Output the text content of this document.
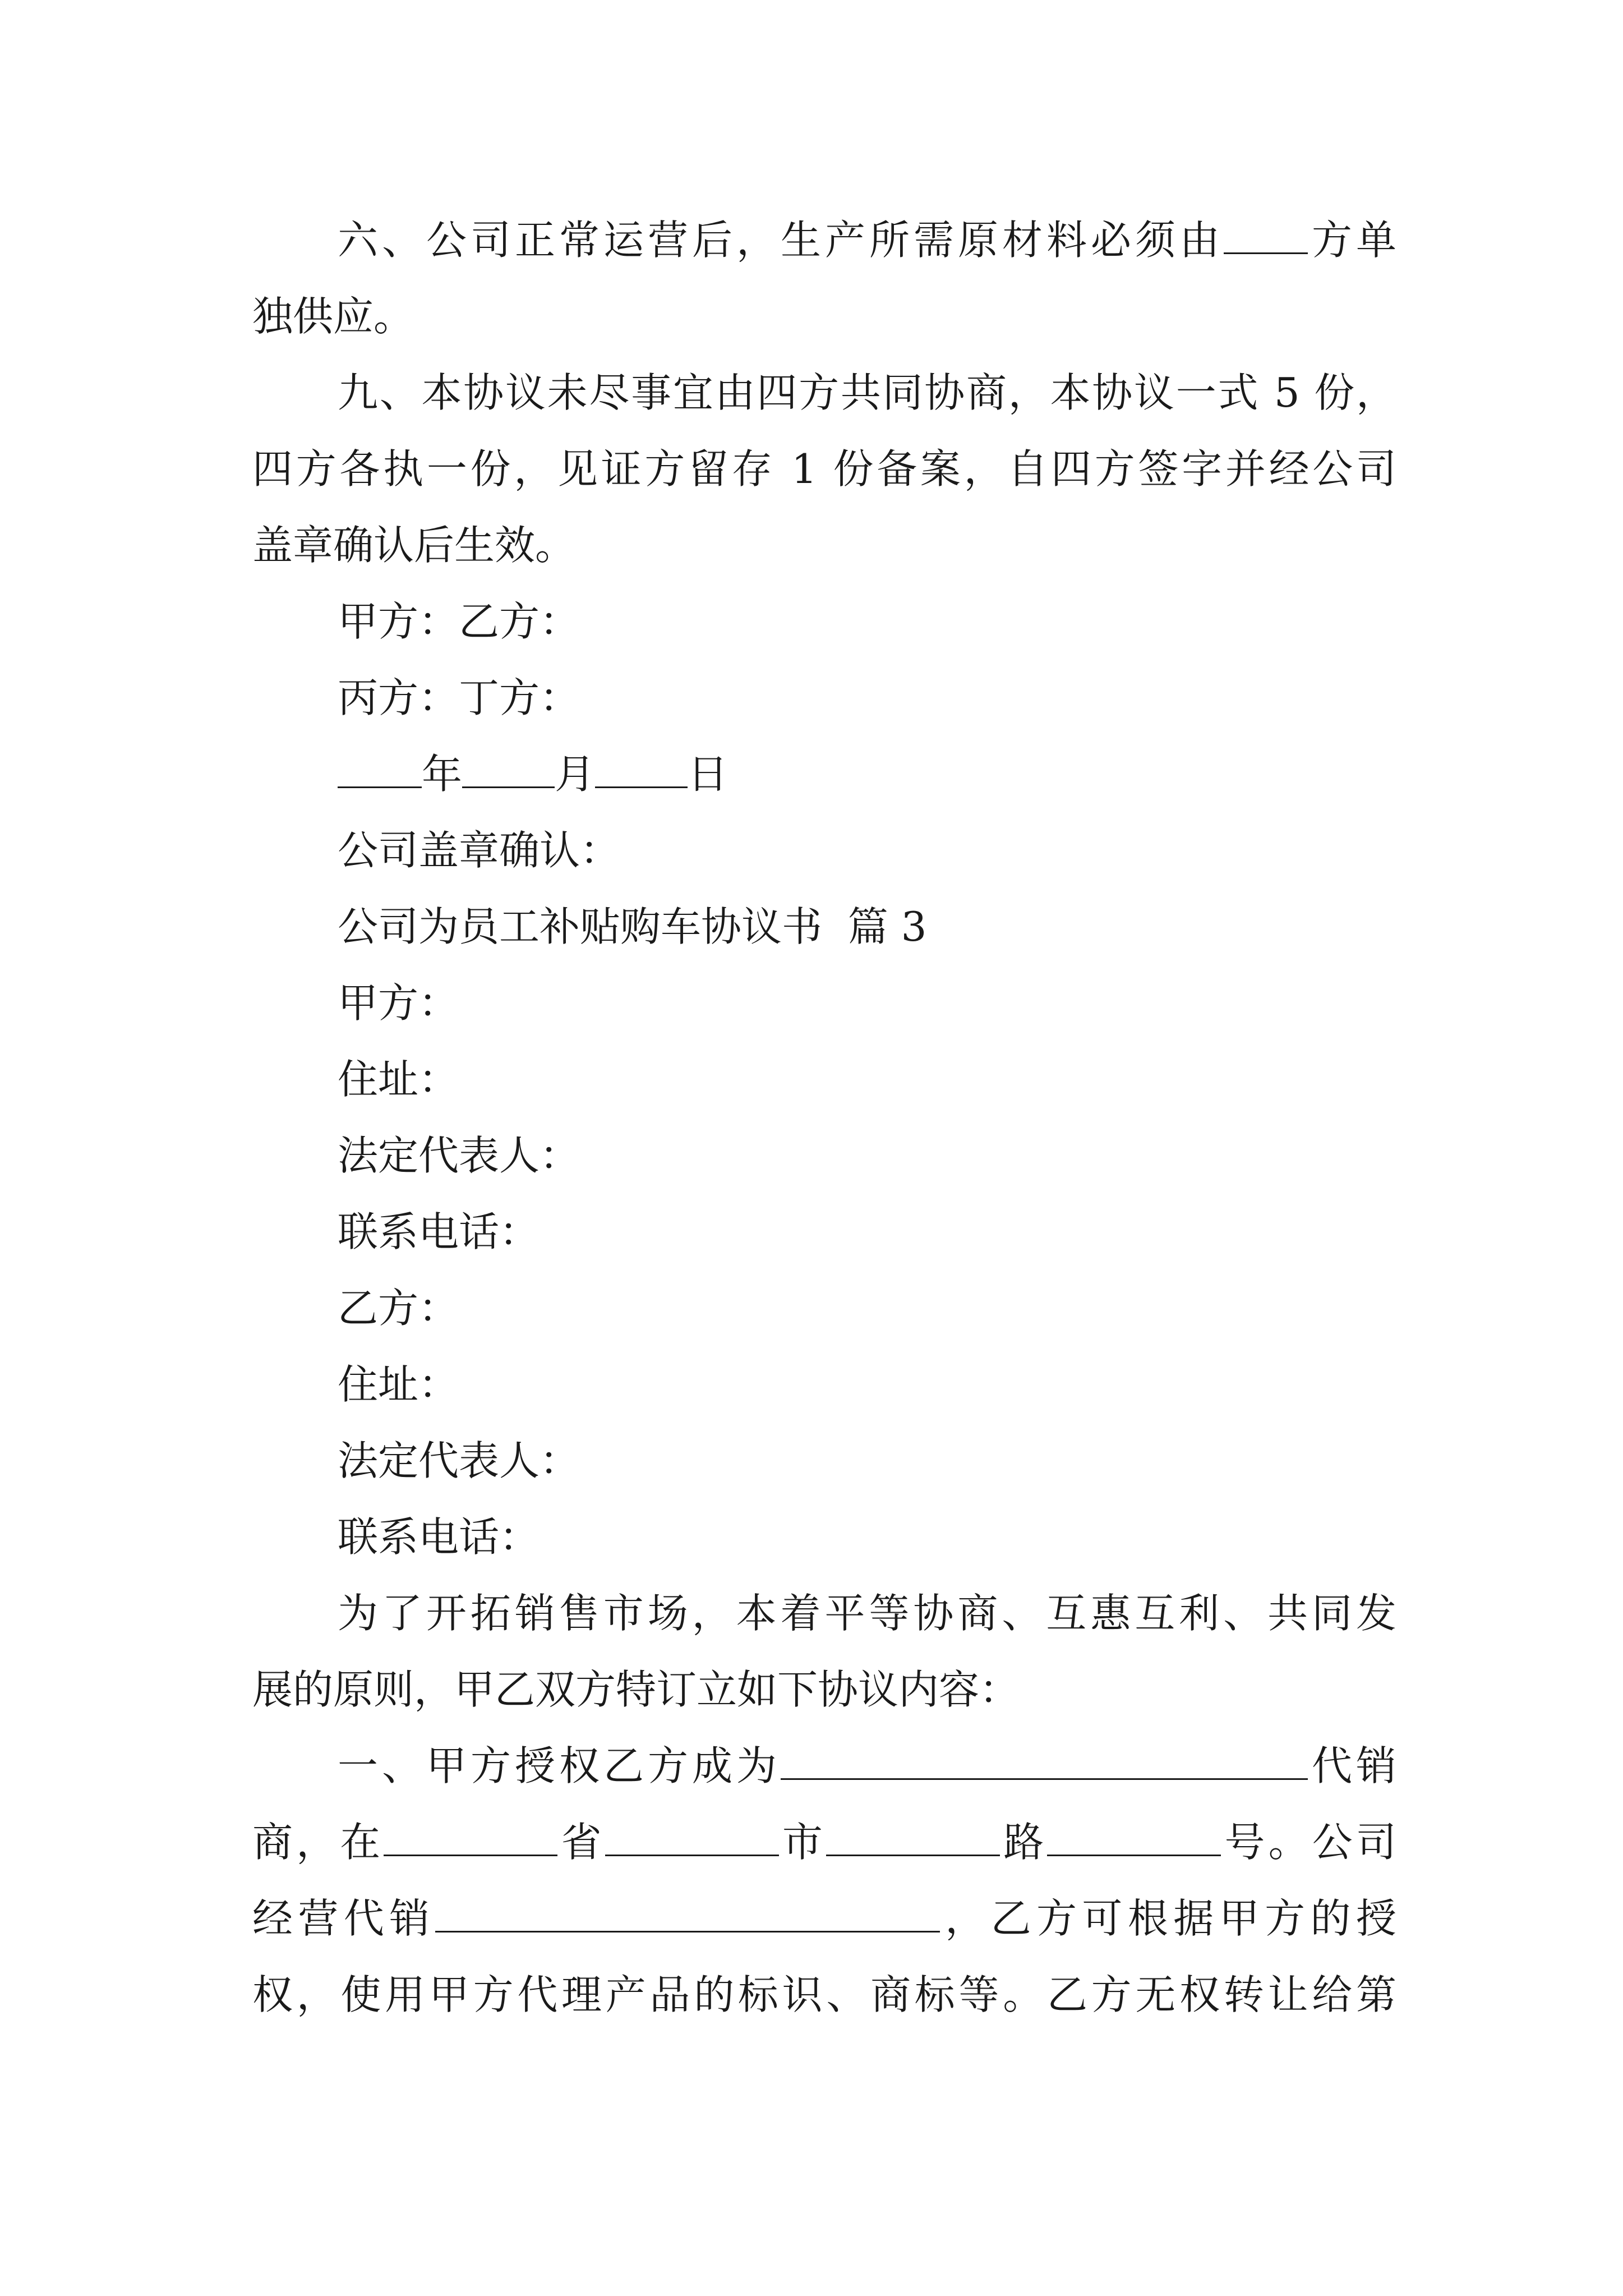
六、公司正常运营后，生产所需原材料必须由 方单
独供应。
九、本协议未尽事宜由四方共同协商，本协议一式 5 份，
四方各执一份，见证方留存 1 份备案，自四方签字并经公司
盖章确认后生效。
甲方：乙方：
丙方：丁方：
年 月 日
公司盖章确认：
公司为员工补贴购车协议书  篇 3
甲方：
住址：
法定代表人：
联系电话：
乙方：
住址：
法定代表人：
联系电话：
为了开拓销售市场，本着平等协商、互惠互利、共同发
展的原则，甲乙双方特订立如下协议内容：
一、甲方授权乙方成为	代销
商，在	省	市	路	号。公司
经营代销	，乙方可根据甲方的授
权，使用甲方代理产品的标识、商标等。乙方无权转让给第
